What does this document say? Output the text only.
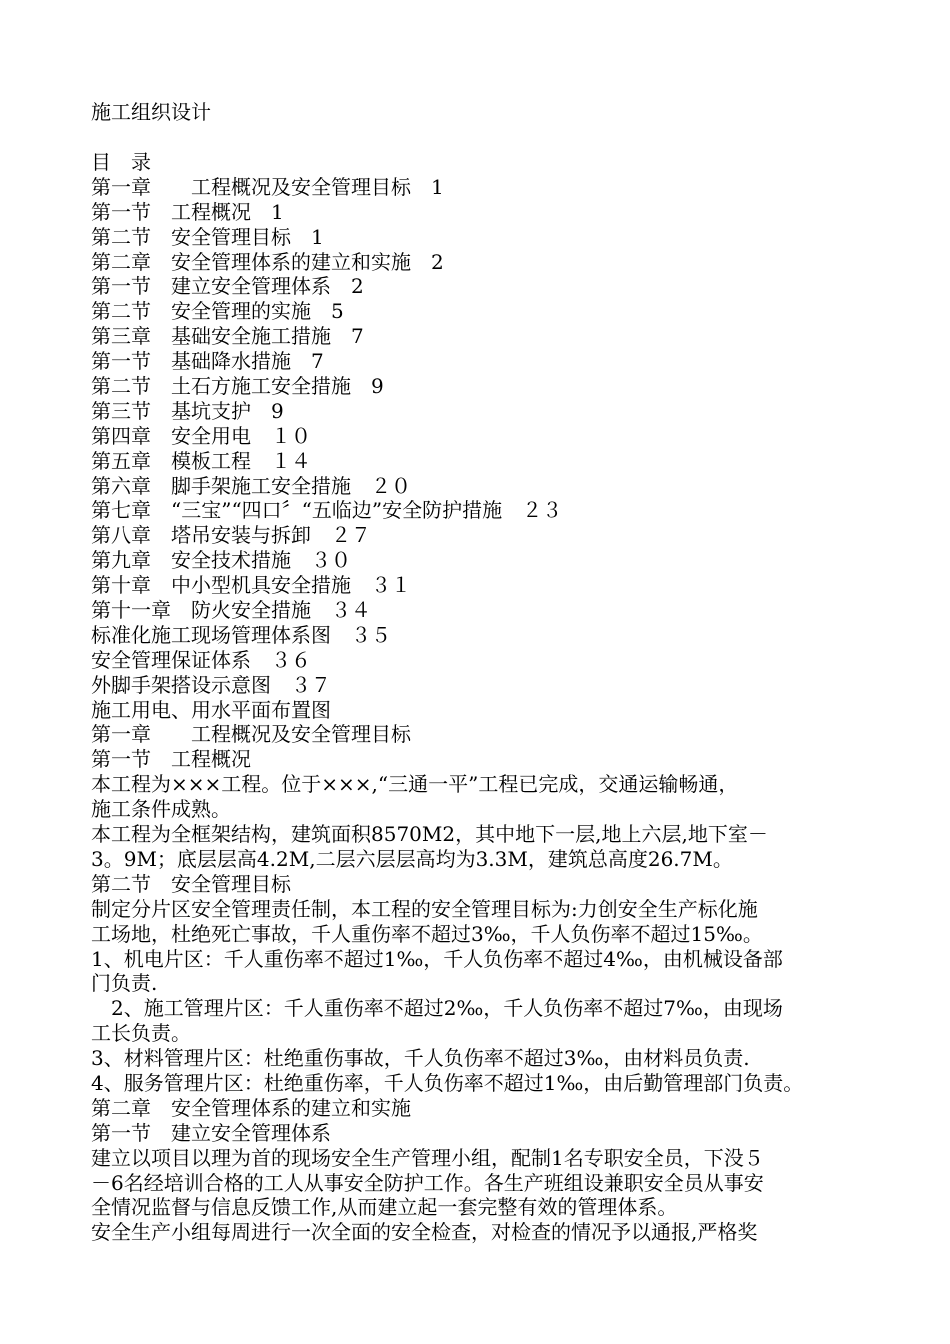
施工组织设计
目　录
第一章　　工程概况及安全管理目标　1
第一节　工程概况　1
第二节　安全管理目标　1
第二章　安全管理体系的建立和实施　2
第一节　建立安全管理体系　2
第二节　安全管理的实施　5
第三章　基础安全施工措施　7
第一节　基础降水措施　7
第二节　土石方施工安全措施　9
第三节　基坑支护　9
第四章　安全用电　１０
第五章　模板工程　１４
第六章　脚手架施工安全措施　２０
第七章　“三宝”“四口〞“五临边”安全防护措施　２３
第八章　塔吊安装与拆卸　２７
第九章　安全技术措施　３０
第十章　中小型机具安全措施　３１
第十一章　防火安全措施　３４
标准化施工现场管理体系图　３５
安全管理保证体系　３６
外脚手架搭设示意图　３７
施工用电、用水平面布置图
第一章　　工程概况及安全管理目标
第一节　工程概况
本工程为×××工程。位于×××,“三通一平”工程已完成，交通运输畅通，
施工条件成熟。
本工程为全框架结构，建筑面积8570M2，其中地下一层,地上六层,地下室－
3。9M；底层层高4.2M,二层六层层高均为3.3M，建筑总高度26.7M。
第二节　安全管理目标
制定分片区安全管理责任制，本工程的安全管理目标为:力创安全生产标化施
工场地，杜绝死亡事故，千人重伤率不超过3‰，千人负伤率不超过15‰。
1、机电片区：千人重伤率不超过1‰，千人负伤率不超过4‰，由机械设备部
门负责.
　2、施工管理片区：千人重伤率不超过2‰，千人负伤率不超过7‰，由现场
工长负责。
3、材料管理片区：杜绝重伤事故，千人负伤率不超过3‰，由材料员负责.
4、服务管理片区：杜绝重伤率，千人负伤率不超过1‰，由后勤管理部门负责。
第二章　安全管理体系的建立和实施
第一节　建立安全管理体系
建立以项目以理为首的现场安全生产管理小组，配制1名专职安全员，下没５
－6名经培训合格的工人从事安全防护工作。各生产班组设兼职安全员从事安
全情况监督与信息反馈工作,从而建立起一套完整有效的管理体系。
安全生产小组每周进行一次全面的安全检查，对检查的情况予以通报,严格奖
